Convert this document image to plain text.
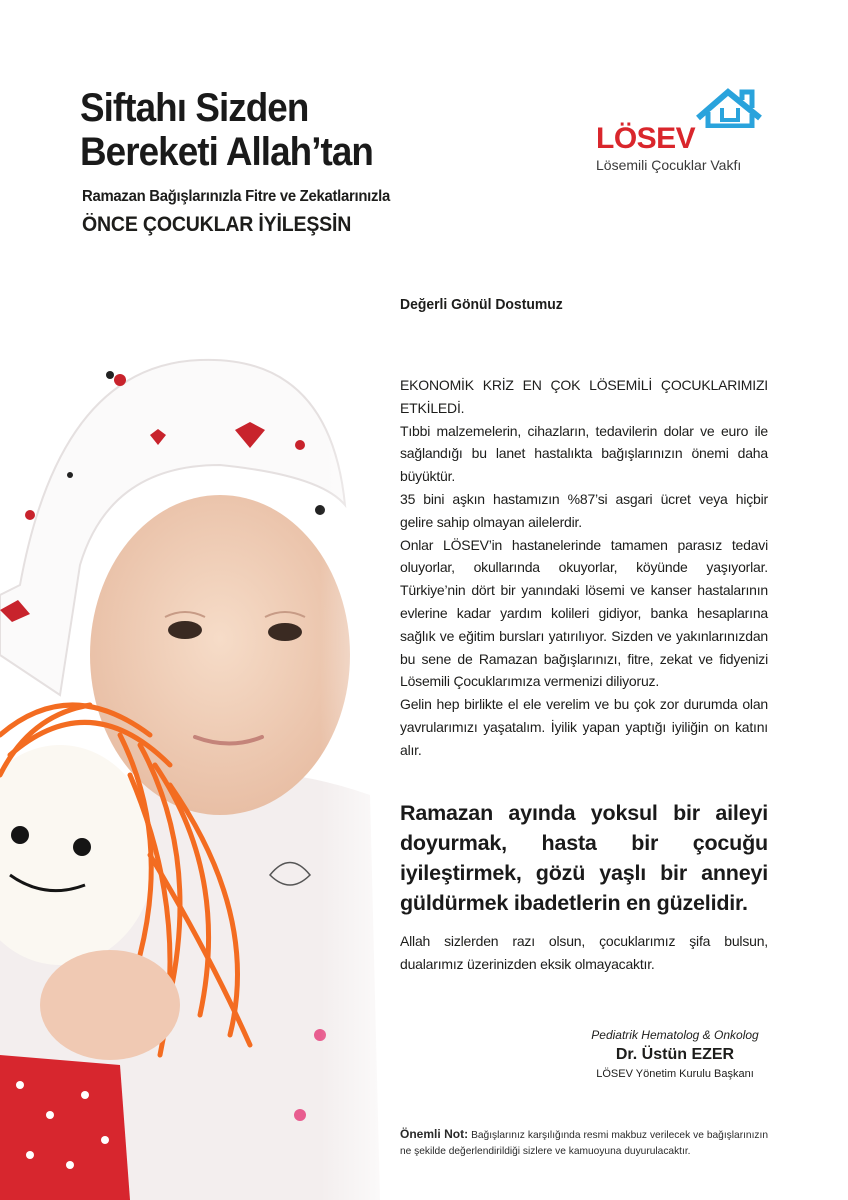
Siftahı Sizden
Bereketi Allah’tan
Ramazan Bağışlarınızla Fitre ve Zekatlarınızla
ÖNCE ÇOCUKLAR İYİLEŞSİN
LÖSEV
Lösemili Çocuklar Vakfı
Değerli Gönül Dostumuz

EKONOMİK KRİZ EN ÇOK LÖSEMİLİ ÇOCUKLARIMIZI ETKİLEDİ.

Tıbbi malzemelerin, cihazların, tedavilerin dolar ve euro ile sağlandığı bu lanet hastalıkta bağışlarınızın önemi daha büyüktür.

35 bini aşkın hastamızın %87’si asgari ücret veya hiçbir gelire sahip olmayan ailelerdir.

Onlar LÖSEV’in hastanelerinde tamamen parasız tedavi oluyorlar, okullarında okuyorlar, köyünde yaşıyorlar. Türkiye’nin dört bir yanındaki lösemi ve kanser hastalarının evlerine kadar yardım kolileri gidiyor, banka hesaplarına sağlık ve eğitim bursları yatırılıyor. Sizden ve yakınlarınızdan bu sene de Ramazan bağışlarınızı, fitre, zekat ve fidyenizi Lösemili Çocuklarımıza vermenizi diliyoruz.

Gelin hep birlikte el ele verelim ve bu çok zor durumda olan yavrularımızı yaşatalım. İyilik yapan yaptığı iyiliğin on katını alır.

Ramazan ayında yoksul bir aileyi doyurmak, hasta bir çocuğu iyileştirmek, gözü yaşlı bir anneyi güldürmek ibadetlerin en güzelidir.
Allah sizlerden razı olsun, çocuklarımız şifa bulsun, dualarımız üzerinizden eksik olmayacaktır.
Pediatrik Hematolog & Onkolog
Dr. Üstün EZER
LÖSEV Yönetim Kurulu Başkanı
Önemli Not: Bağışlarınız karşılığında resmi makbuz verilecek ve bağışlarınızın ne şekilde değerlendirildiği sizlere ve kamuoyuna duyurulacaktır.
